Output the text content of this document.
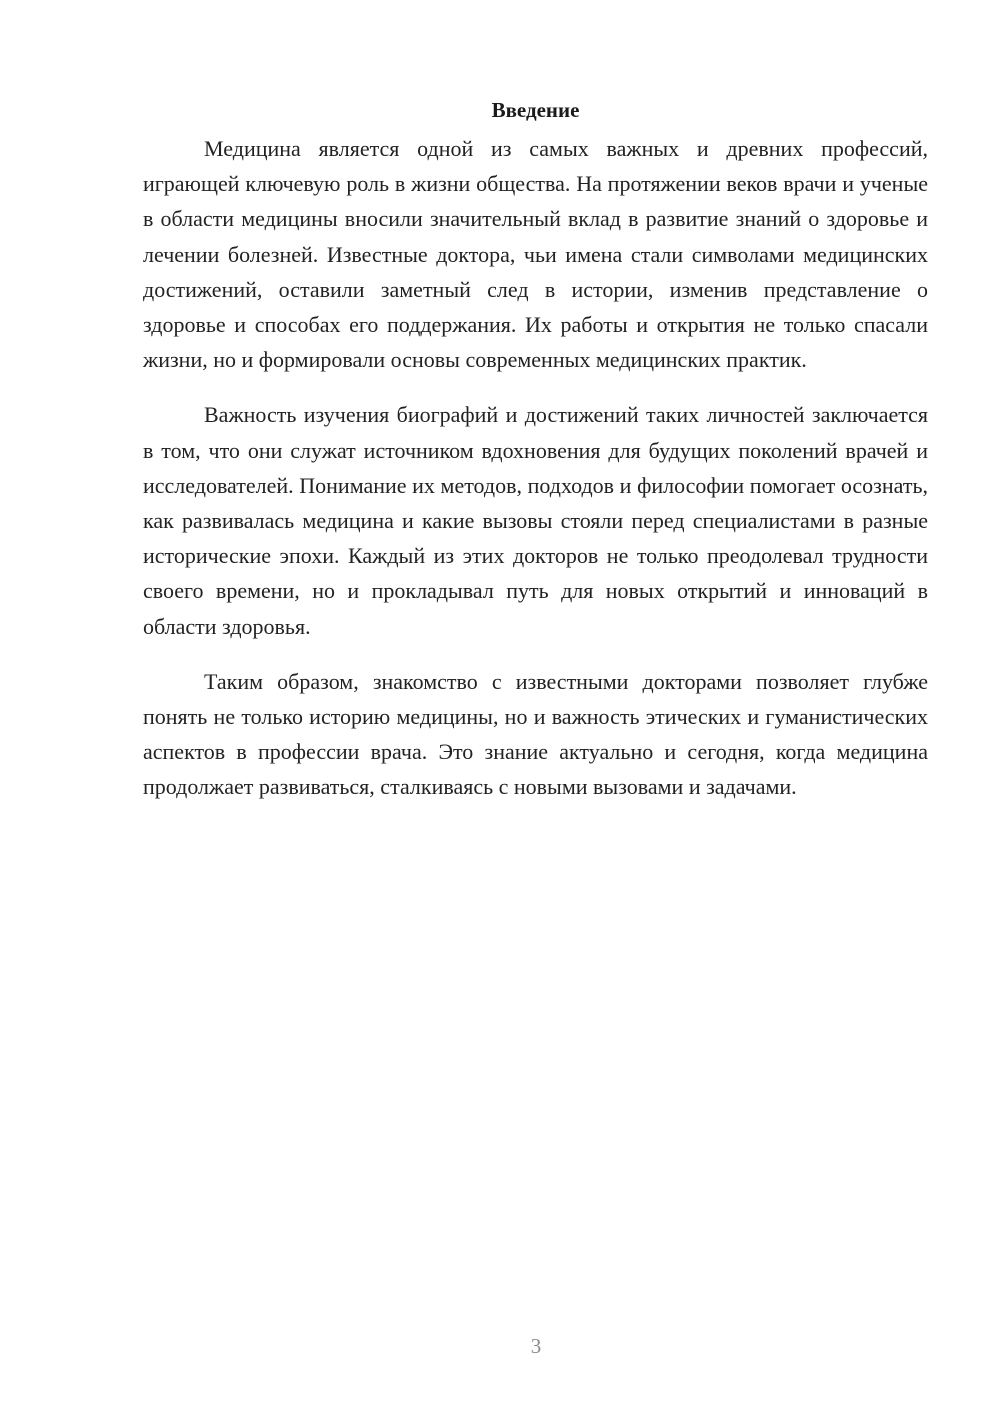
Введение

Медицина является одной из самых важных и древних профессий, играющей ключевую роль в жизни общества. На протяжении веков врачи и ученые в области медицины вносили значительный вклад в развитие знаний о здоровье и лечении болезней. Известные доктора, чьи имена стали символами медицинских достижений, оставили заметный след в истории, изменив представление о здоровье и способах его поддержания. Их работы и открытия не только спасали жизни, но и формировали основы современных медицинских практик.

Важность изучения биографий и достижений таких личностей заключается в том, что они служат источником вдохновения для будущих поколений врачей и исследователей. Понимание их методов, подходов и философии помогает осознать, как развивалась медицина и какие вызовы стояли перед специалистами в разные исторические эпохи. Каждый из этих докторов не только преодолевал трудности своего времени, но и прокладывал путь для новых открытий и инноваций в области здоровья.

Таким образом, знакомство с известными докторами позволяет глубже понять не только историю медицины, но и важность этических и гуманистических аспектов в профессии врача. Это знание актуально и сегодня, когда медицина продолжает развиваться, сталкиваясь с новыми вызовами и задачами.

3
